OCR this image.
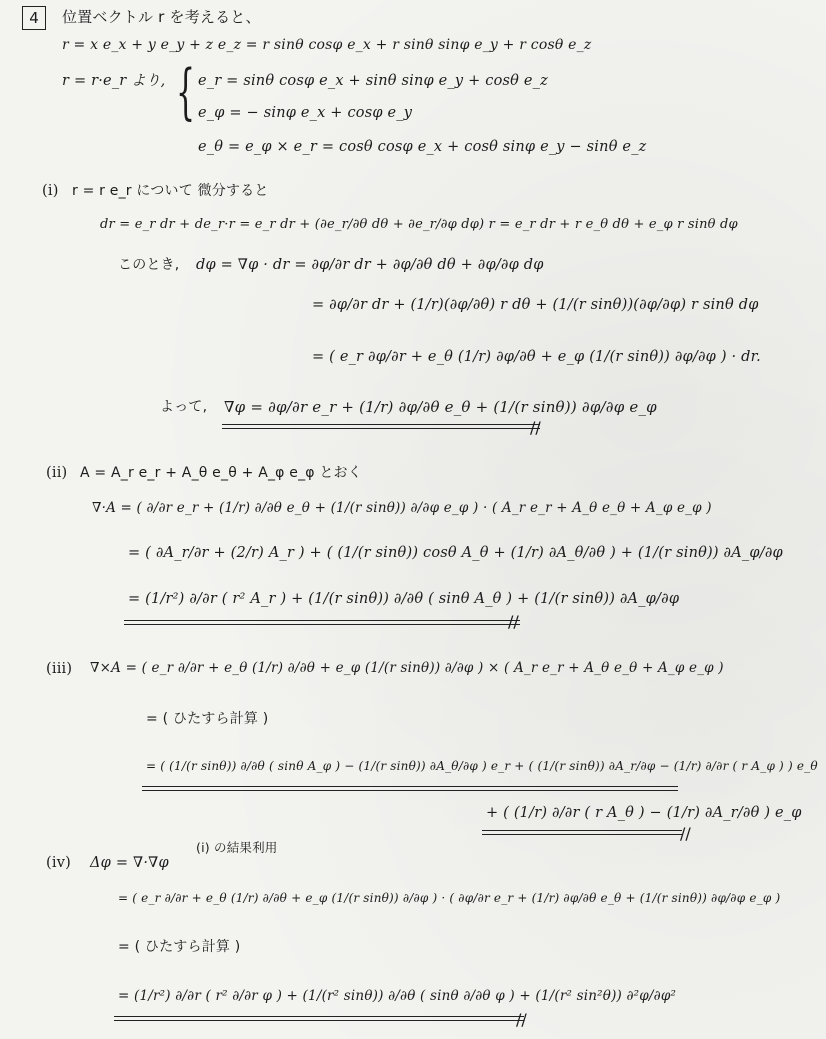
4	位置ベクトル r を考えると、
r = x e_x + y e_y + z e_z = r sinθ cosφ e_x + r sinθ sinφ e_y + r cosθ e_z
r = r·e_r より, { e_r = sinθ cosφ e_x + sinθ sinφ e_y + cosθ e_z
e_φ = − sinφ e_x + cosφ e_y
e_θ = e_φ × e_r = cosθ cosφ e_x + cosθ sinφ e_y − sinθ e_z
(i) r = r e_r について 微分すると
dr = e_r dr + de_r·r = e_r dr + (∂e_r/∂θ dθ + ∂e_r/∂φ dφ) r = e_r dr + r e_θ dθ + e_φ r sinθ dφ
このとき, dφ = ∇φ · dr = ∂φ/∂r dr + ∂φ/∂θ dθ + ∂φ/∂φ dφ
= ∂φ/∂r dr + (1/r)(∂φ/∂θ) r dθ + (1/(r sinθ))(∂φ/∂φ) r sinθ dφ
= ( e_r ∂φ/∂r + e_θ (1/r) ∂φ/∂θ + e_φ (1/(r sinθ)) ∂φ/∂φ ) · dr.
よって, ∇φ = ∂φ/∂r e_r + (1/r) ∂φ/∂θ e_θ + (1/(r sinθ)) ∂φ/∂φ e_φ
//
(ii) A = A_r e_r + A_θ e_θ + A_φ e_φ とおく
∇·A = ( ∂/∂r e_r + (1/r) ∂/∂θ e_θ + (1/(r sinθ)) ∂/∂φ e_φ ) · ( A_r e_r + A_θ e_θ + A_φ e_φ )
= ( ∂A_r/∂r + (2/r) A_r ) + ( (1/(r sinθ)) cosθ A_θ + (1/r) ∂A_θ/∂θ ) + (1/(r sinθ)) ∂A_φ/∂φ
= (1/r²) ∂/∂r ( r² A_r ) + (1/(r sinθ)) ∂/∂θ ( sinθ A_θ ) + (1/(r sinθ)) ∂A_φ/∂φ
//
(iii) ∇×A = ( e_r ∂/∂r + e_θ (1/r) ∂/∂θ + e_φ (1/(r sinθ)) ∂/∂φ ) × ( A_r e_r + A_θ e_θ + A_φ e_φ )
= ( ひたすら計算 )
= ( (1/(r sinθ)) ∂/∂θ ( sinθ A_φ ) − (1/(r sinθ)) ∂A_θ/∂φ ) e_r + ( (1/(r sinθ)) ∂A_r/∂φ − (1/r) ∂/∂r ( r A_φ ) ) e_θ
+ ( (1/r) ∂/∂r ( r A_θ ) − (1/r) ∂A_r/∂θ ) e_φ
//
(iv) Δφ = ∇·∇φ
(i) の結果利用
= ( e_r ∂/∂r + e_θ (1/r) ∂/∂θ + e_φ (1/(r sinθ)) ∂/∂φ ) · ( ∂φ/∂r e_r + (1/r) ∂φ/∂θ e_θ + (1/(r sinθ)) ∂φ/∂φ e_φ )
= ( ひたすら計算 )
= (1/r²) ∂/∂r ( r² ∂/∂r φ ) + (1/(r² sinθ)) ∂/∂θ ( sinθ ∂/∂θ φ ) + (1/(r² sin²θ)) ∂²φ/∂φ²
//
